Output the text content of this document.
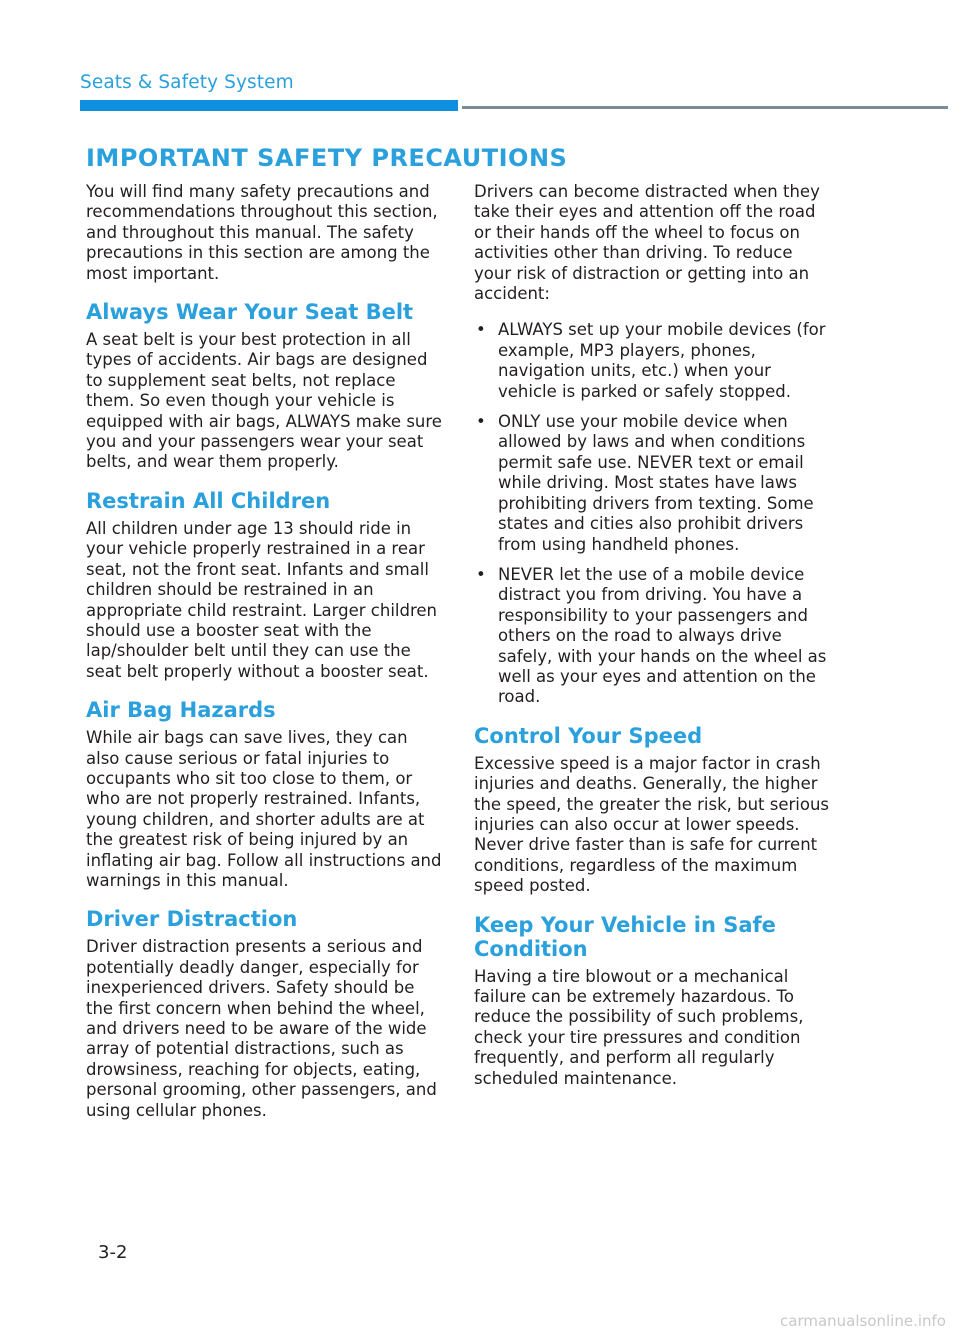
Seats & Safety System
IMPORTANT SAFETY PRECAUTIONS

You will find many safety precautions and recommendations throughout this section, and throughout this manual. The safety precautions in this section are among the most important.

Always Wear Your Seat Belt

A seat belt is your best protection in all types of accidents. Air bags are designed to supplement seat belts, not replace them. So even though your vehicle is equipped with air bags, ALWAYS make sure you and your passengers wear your seat belts, and wear them properly.

Restrain All Children

All children under age 13 should ride in your vehicle properly restrained in a rear seat, not the front seat. Infants and small children should be restrained in an appropriate child restraint. Larger children should use a booster seat with the lap/shoulder belt until they can use the seat belt properly without a booster seat.

Air Bag Hazards

While air bags can save lives, they can also cause serious or fatal injuries to occupants who sit too close to them, or who are not properly restrained. Infants, young children, and shorter adults are at the greatest risk of being injured by an inflating air bag. Follow all instructions and warnings in this manual.

Driver Distraction

Driver distraction presents a serious and potentially deadly danger, especially for inexperienced drivers. Safety should be the first concern when behind the wheel, and drivers need to be aware of the wide array of potential distractions, such as drowsiness, reaching for objects, eating, personal grooming, other passengers, and using cellular phones.

Drivers can become distracted when they take their eyes and attention off the road or their hands off the wheel to focus on activities other than driving. To reduce your risk of distraction or getting into an accident:

• ALWAYS set up your mobile devices (for example, MP3 players, phones, navigation units, etc.) when your vehicle is parked or safely stopped.
• ONLY use your mobile device when allowed by laws and when conditions permit safe use. NEVER text or email while driving. Most states have laws prohibiting drivers from texting. Some states and cities also prohibit drivers from using handheld phones.
• NEVER let the use of a mobile device distract you from driving. You have a responsibility to your passengers and others on the road to always drive safely, with your hands on the wheel as well as your eyes and attention on the road.
Control Your Speed

Excessive speed is a major factor in crash injuries and deaths. Generally, the higher the speed, the greater the risk, but serious injuries can also occur at lower speeds. Never drive faster than is safe for current conditions, regardless of the maximum speed posted.

Keep Your Vehicle in Safe Condition

Having a tire blowout or a mechanical failure can be extremely hazardous. To reduce the possibility of such problems, check your tire pressures and condition frequently, and perform all regularly scheduled maintenance.

3-2
carmanualsonline.info
